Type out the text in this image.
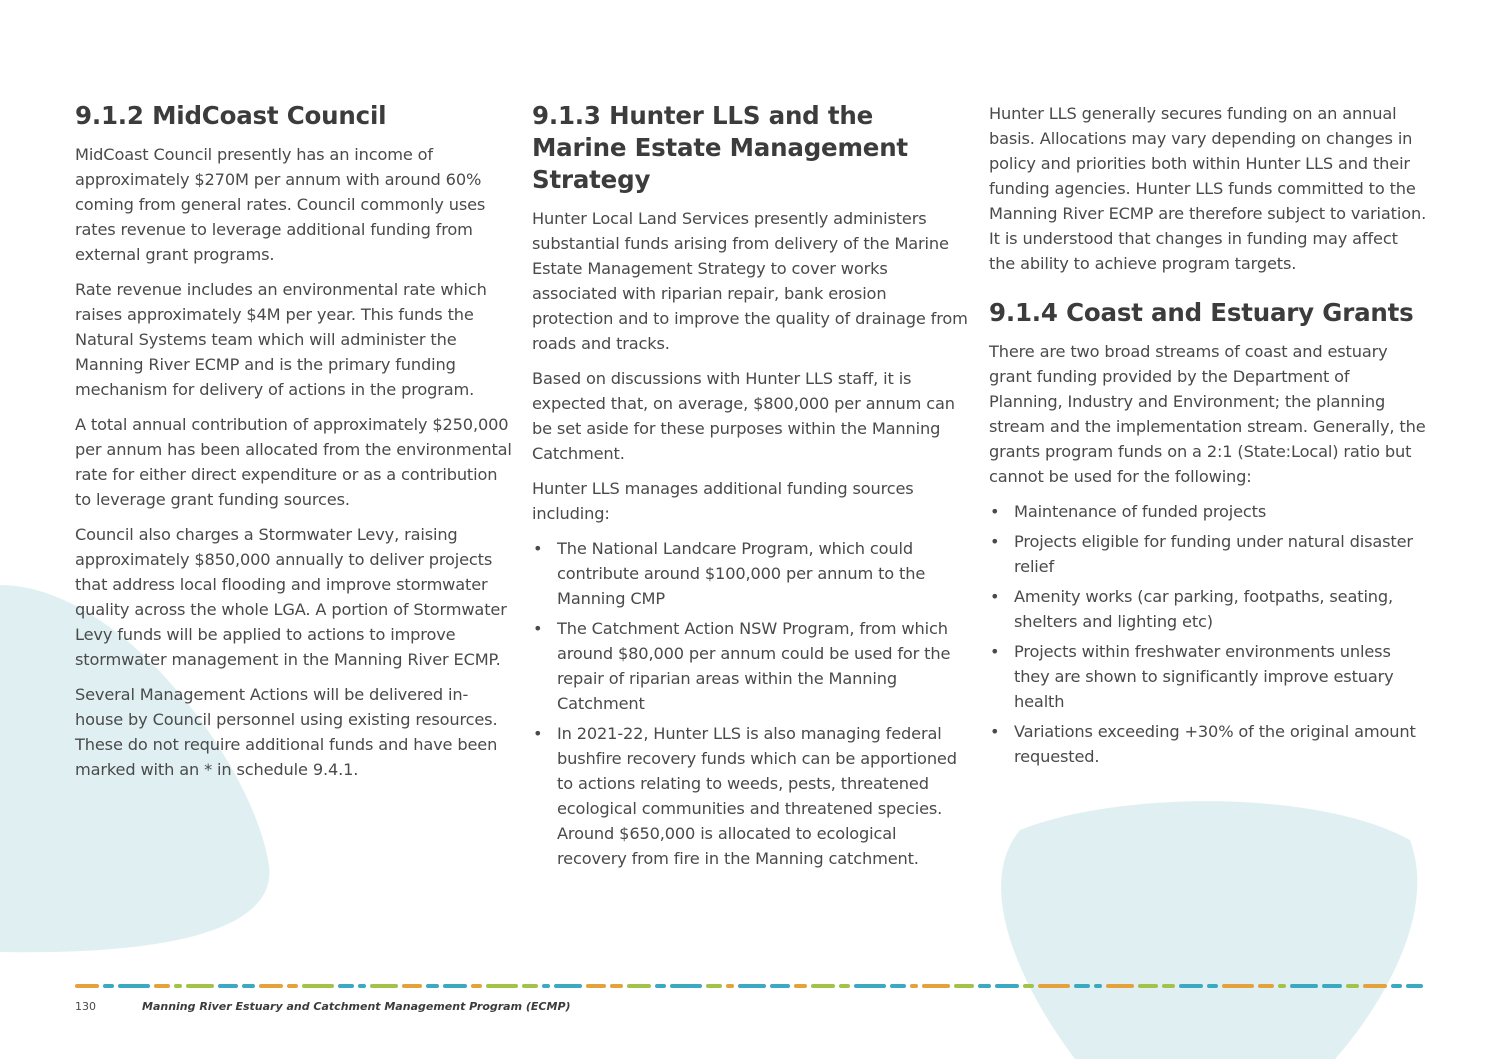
9.1.2 MidCoast Council

MidCoast Council presently has an income of approximately $270M per annum with around 60% coming from general rates. Council commonly uses rates revenue to leverage additional funding from external grant programs.

Rate revenue includes an environmental rate which raises approximately $4M per year. This funds the Natural Systems team which will administer the Manning River ECMP and is the primary funding mechanism for delivery of actions in the program.

A total annual contribution of approximately $250,000 per annum has been allocated from the environmental rate for either direct expenditure or as a contribution to leverage grant funding sources.

Council also charges a Stormwater Levy, raising approximately $850,000 annually to deliver projects that address local flooding and improve stormwater quality across the whole LGA. A portion of Stormwater Levy funds will be applied to actions to improve stormwater management in the Manning River ECMP.

Several Management Actions will be delivered in-house by Council personnel using existing resources. These do not require additional funds and have been marked with an * in schedule 9.4.1.

9.1.3 Hunter LLS and the Marine Estate Management Strategy

Hunter Local Land Services presently administers substantial funds arising from delivery of the Marine Estate Management Strategy to cover works associated with riparian repair, bank erosion protection and to improve the quality of drainage from roads and tracks.

Based on discussions with Hunter LLS staff, it is expected that, on average, $800,000 per annum can be set aside for these purposes within the Manning Catchment.

Hunter LLS manages additional funding sources including:

• The National Landcare Program, which could contribute around $100,000 per annum to the Manning CMP
• The Catchment Action NSW Program, from which around $80,000 per annum could be used for the repair of riparian areas within the Manning Catchment
• In 2021-22, Hunter LLS is also managing federal bushfire recovery funds which can be apportioned to actions relating to weeds, pests, threatened ecological communities and threatened species. Around $650,000 is allocated to ecological recovery from fire in the Manning catchment.

Hunter LLS generally secures funding on an annual basis. Allocations may vary depending on changes in policy and priorities both within Hunter LLS and their funding agencies. Hunter LLS funds committed to the Manning River ECMP are therefore subject to variation. It is understood that changes in funding may affect the ability to achieve program targets.

9.1.4 Coast and Estuary Grants

There are two broad streams of coast and estuary grant funding provided by the Department of Planning, Industry and Environment; the planning stream and the implementation stream. Generally, the grants program funds on a 2:1 (State:Local) ratio but cannot be used for the following:

• Maintenance of funded projects
• Projects eligible for funding under natural disaster relief
• Amenity works (car parking, footpaths, seating, shelters and lighting etc)
• Projects within freshwater environments unless they are shown to significantly improve estuary health
• Variations exceeding +30% of the original amount requested.
130	Manning River Estuary and Catchment Management Program (ECMP)
